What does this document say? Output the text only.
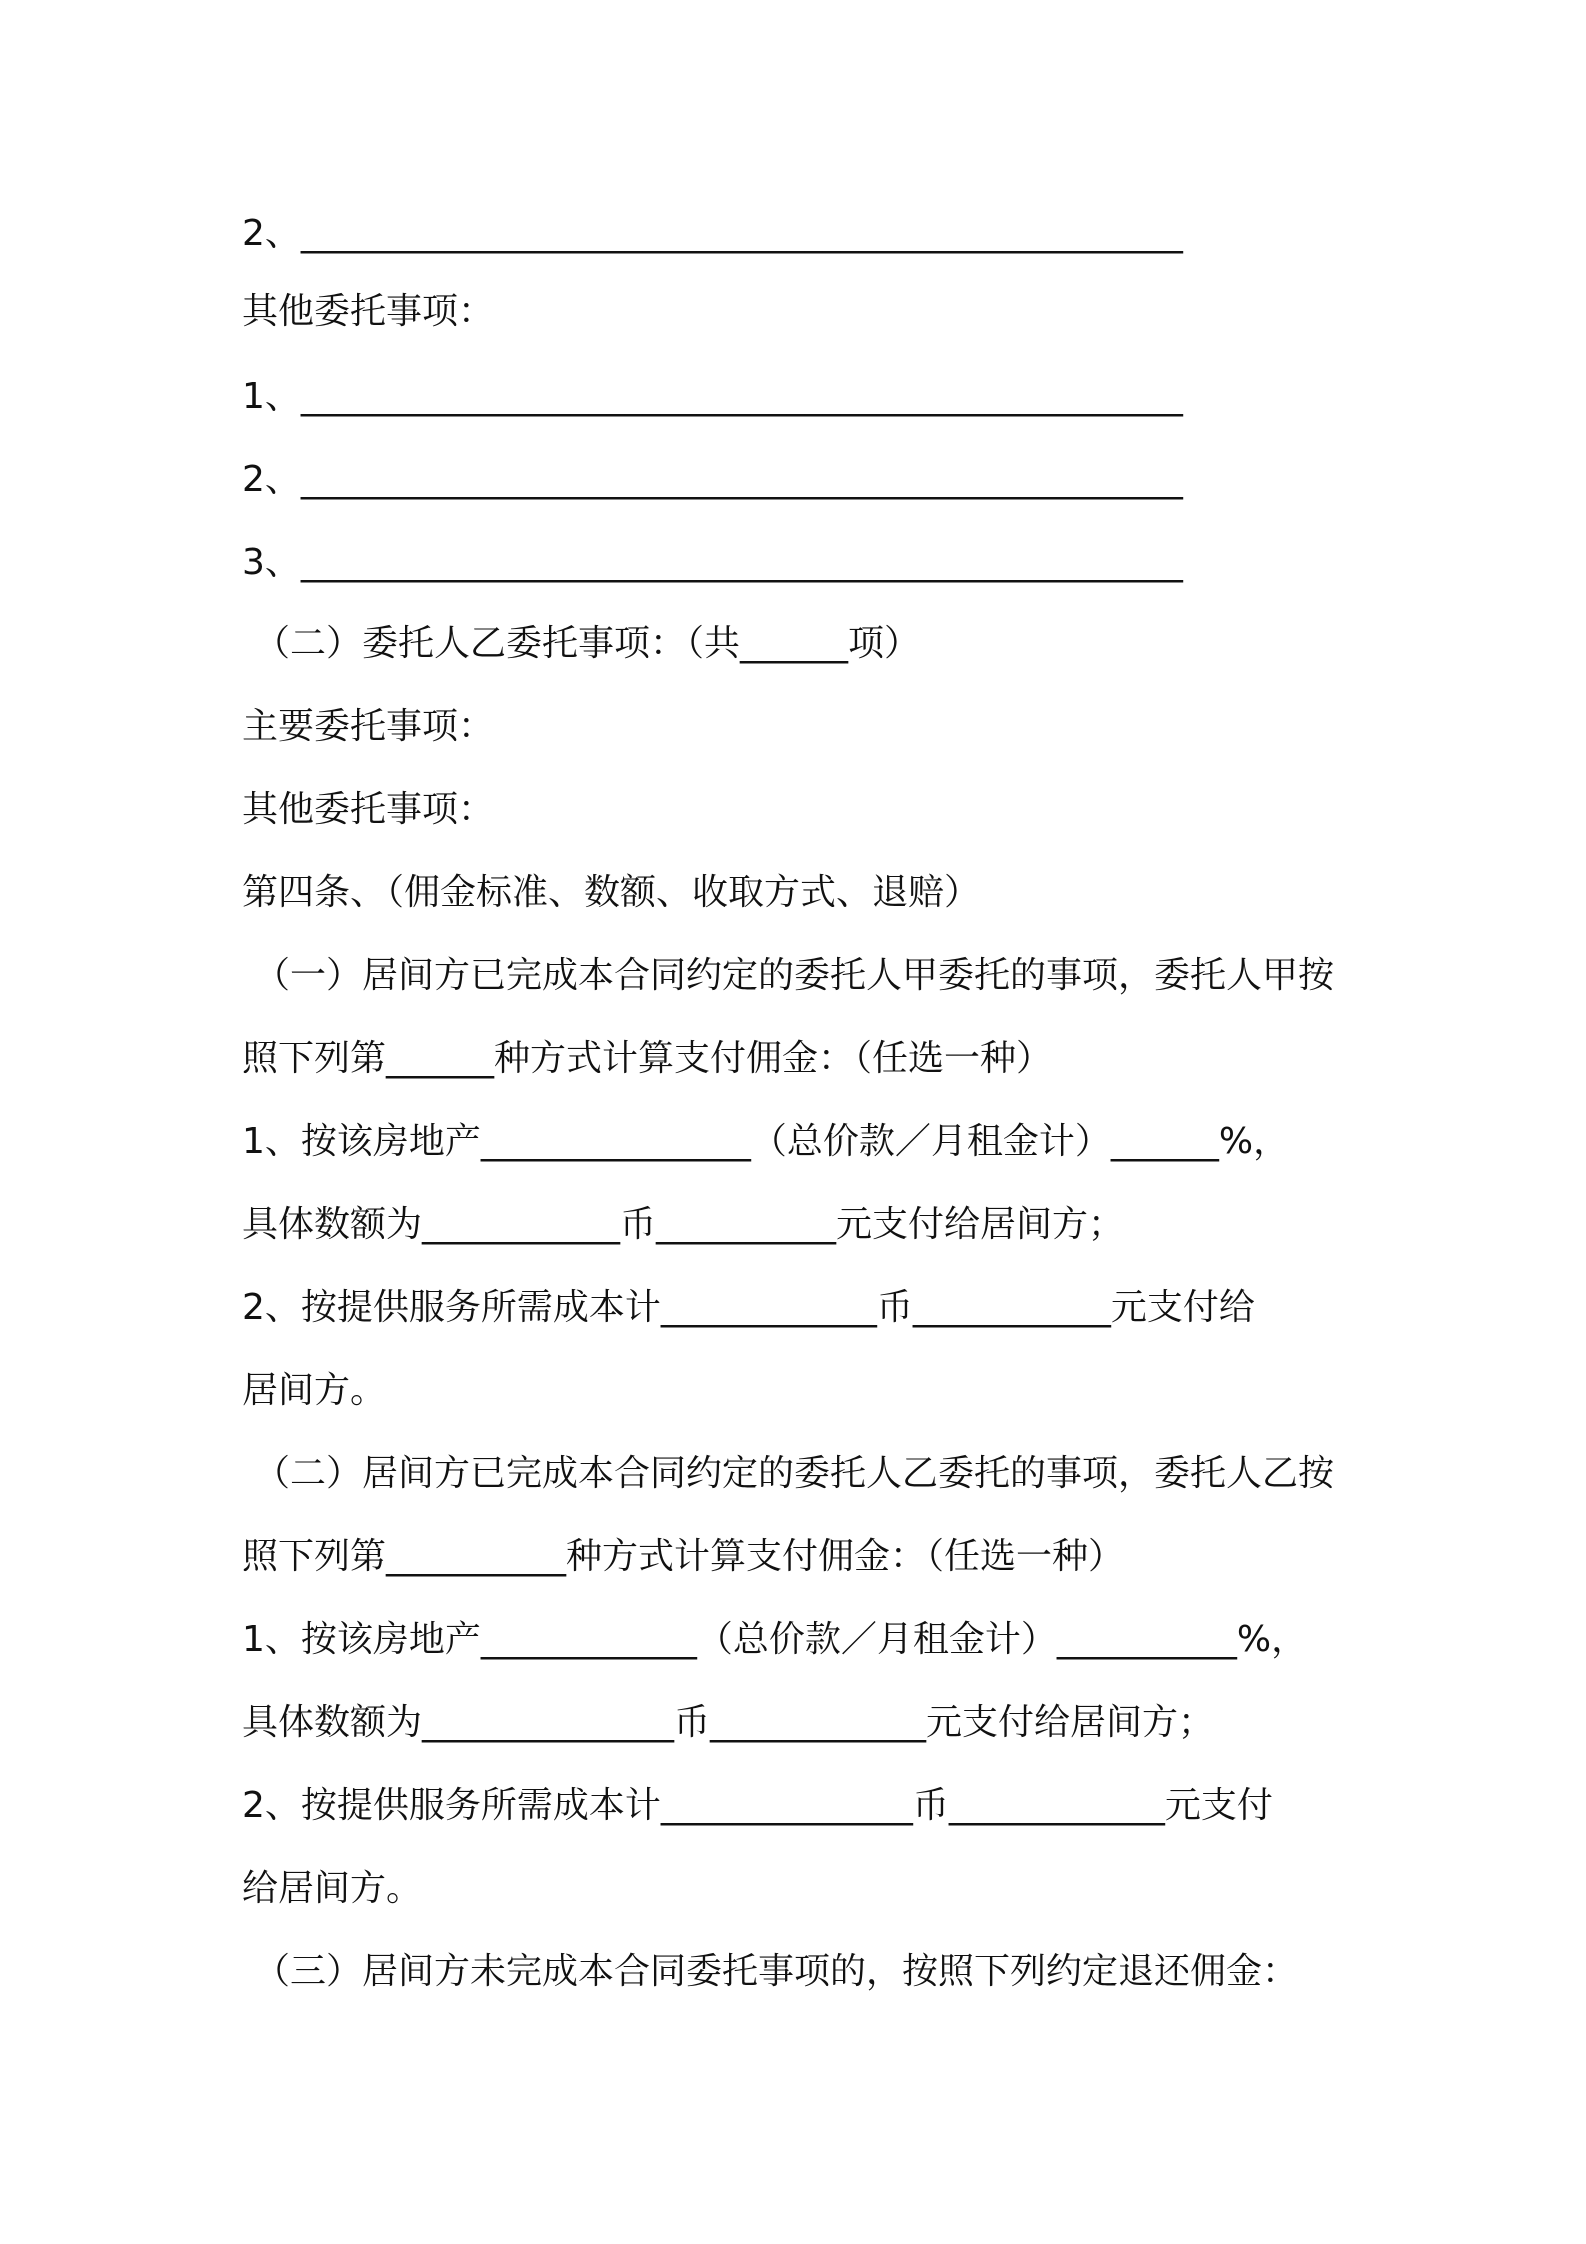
2、_________________________________________________
其他委托事项：
1、_________________________________________________
2、_________________________________________________
3、_________________________________________________
（二）委托人乙委托事项：（共______项）
主要委托事项：
其他委托事项：
第四条、（佣金标准、数额、收取方式、退赔）
（一）居间方已完成本合同约定的委托人甲委托的事项，委托人甲按
照下列第______种方式计算支付佣金：（任选一种）
1、按该房地产_______________（总价款／月租金计）______%，
具体数额为___________币__________元支付给居间方；
2、按提供服务所需成本计____________币___________元支付给
居间方。
（二）居间方已完成本合同约定的委托人乙委托的事项，委托人乙按
照下列第__________种方式计算支付佣金：（任选一种）
1、按该房地产____________（总价款／月租金计）__________%，
具体数额为______________币____________元支付给居间方；
2、按提供服务所需成本计______________币____________元支付
给居间方。
（三）居间方未完成本合同委托事项的，按照下列约定退还佣金：
